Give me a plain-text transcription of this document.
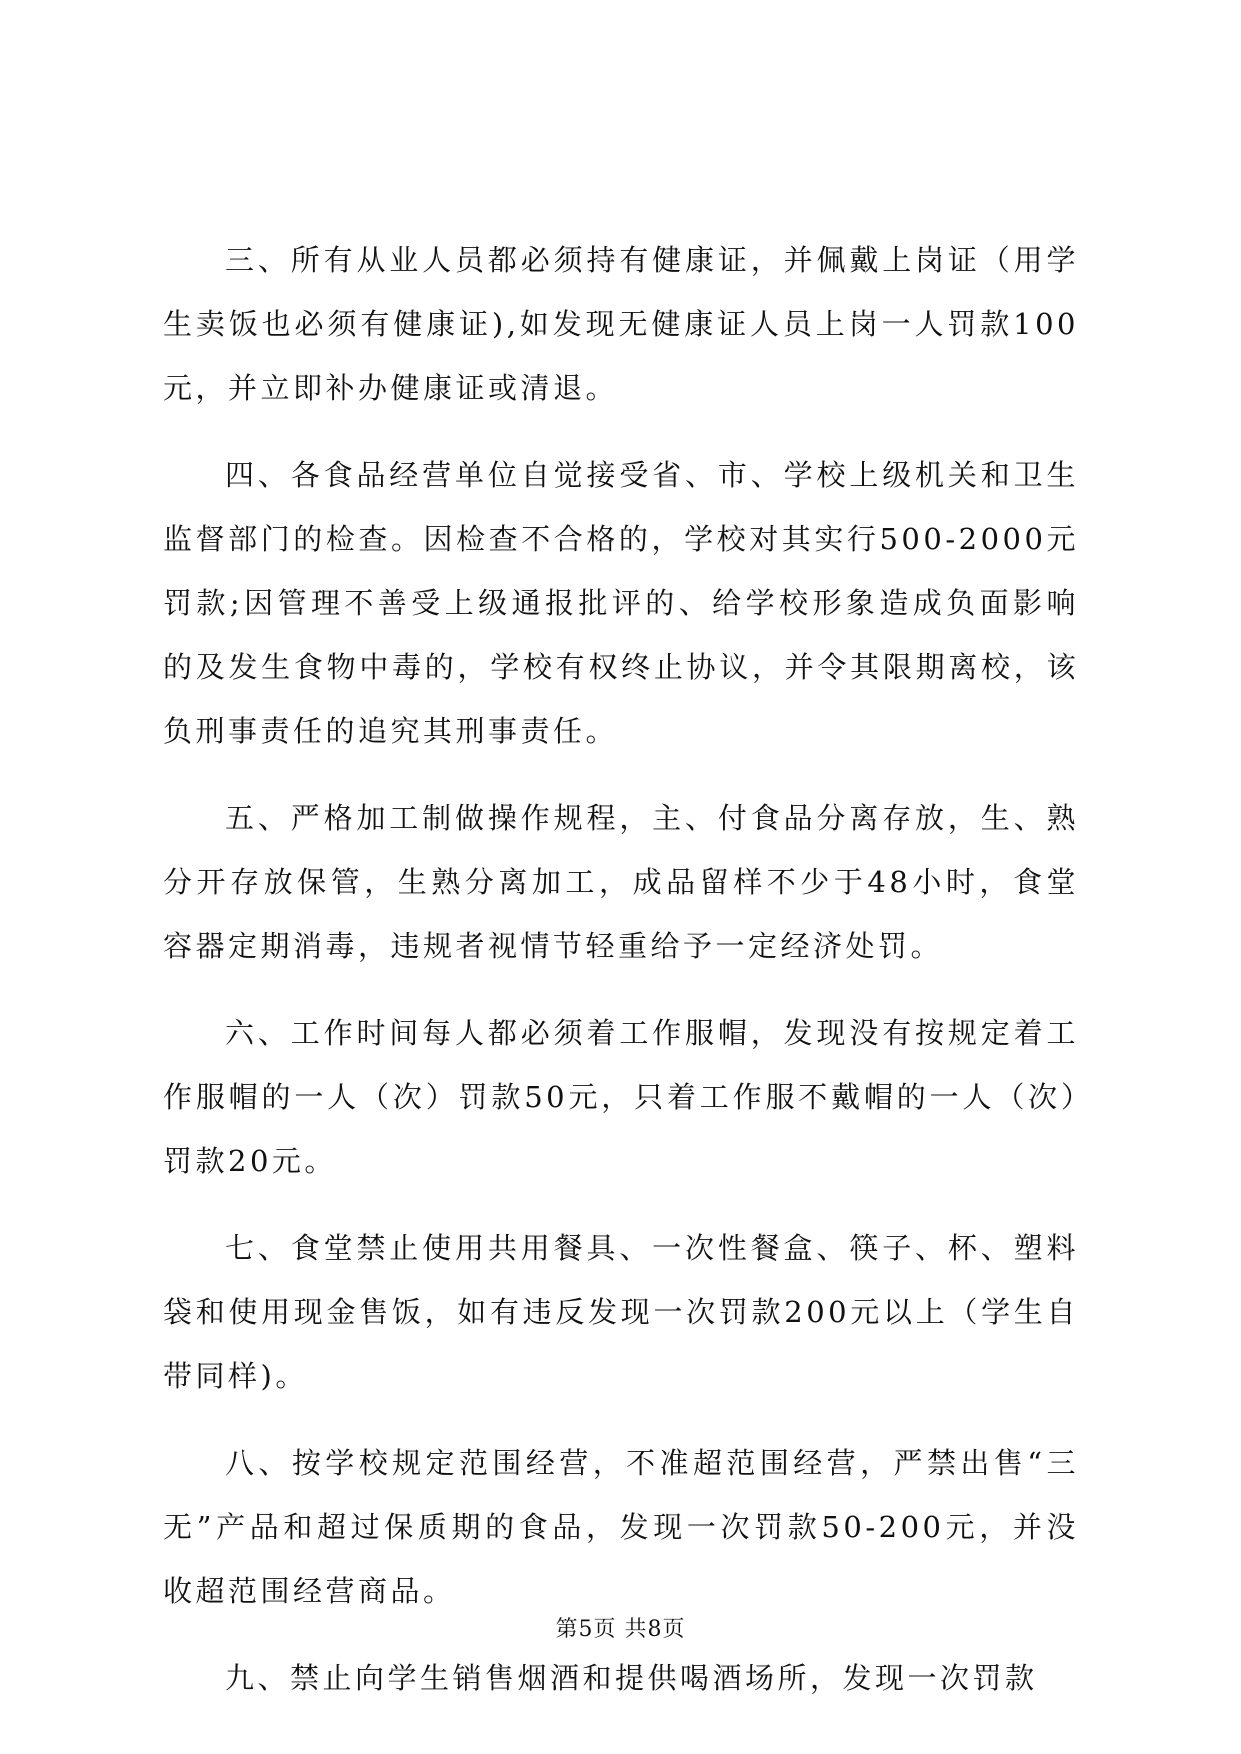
三、所有从业人员都必须持有健康证，并佩戴上岗证（用学生卖饭也必须有健康证),如发现无健康证人员上岗一人罚款100元，并立即补办健康证或清退。

四、各食品经营单位自觉接受省、市、学校上级机关和卫生监督部门的检查。因检查不合格的，学校对其实行500-2000元罚款;因管理不善受上级通报批评的、给学校形象造成负面影响的及发生食物中毒的，学校有权终止协议，并令其限期离校，该负刑事责任的追究其刑事责任。

五、严格加工制做操作规程，主、付食品分离存放，生、熟分开存放保管，生熟分离加工，成品留样不少于48小时，食堂容器定期消毒，违规者视情节轻重给予一定经济处罚。

六、工作时间每人都必须着工作服帽，发现没有按规定着工作服帽的一人（次）罚款50元，只着工作服不戴帽的一人（次）罚款20元。

七、食堂禁止使用共用餐具、一次性餐盒、筷子、杯、塑料袋和使用现金售饭，如有违反发现一次罚款200元以上（学生自带同样)。

八、按学校规定范围经营，不准超范围经营，严禁出售“三无”产品和超过保质期的食品，发现一次罚款50-200元，并没收超范围经营商品。

九、禁止向学生销售烟酒和提供喝酒场所，发现一次罚款

第5页 共8页
